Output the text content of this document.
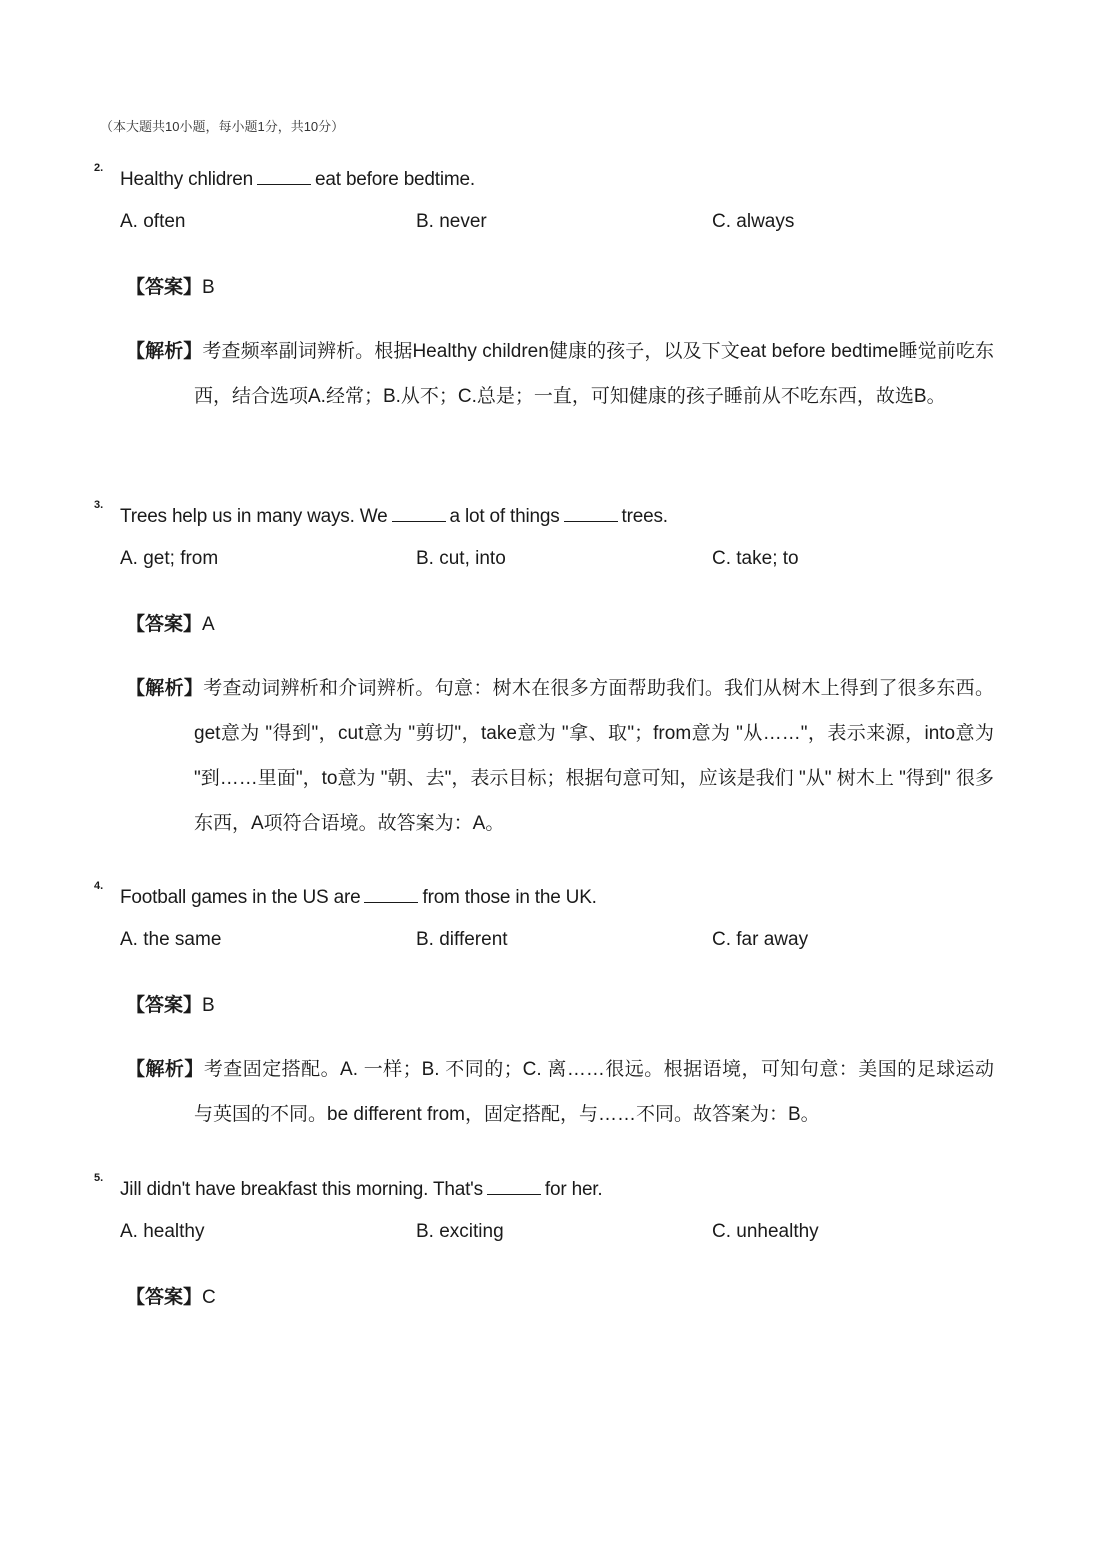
（本大题共10小题，每小题1分，共10分）
2.
Healthy chlidren	eat before bedtime.
A. often	B. never	C. always
【答案】B
【解析】考查频率副词辨析。根据Healthy children健康的孩子，以及下文eat before bedtime睡觉前吃东西，结合选项A.经常；B.从不；C.总是；一直，可知健康的孩子睡前从不吃东西，故选B。
3.
Trees help us in many ways. We	a lot of things	trees.
A. get; from	B. cut, into	C. take; to
【答案】A
【解析】考查动词辨析和介词辨析。句意：树木在很多方面帮助我们。我们从树木上得到了很多东西。get意为 "得到"，cut意为 "剪切"，take意为 "拿、取"；from意为 "从……"，表示来源，into意为 "到……里面"，to意为 "朝、去"，表示目标；根据句意可知，应该是我们 "从" 树木上 "得到" 很多东西，A项符合语境。故答案为：A。
4.
Football games in the US are	from those in the UK.
A. the same	B. different	C. far away
【答案】B
【解析】考查固定搭配。A. 一样；B. 不同的；C. 离……很远。根据语境，可知句意：美国的足球运动与英国的不同。be different from，固定搭配，与……不同。故答案为：B。
5.
Jill didn't have breakfast this morning. That's	for her.
A. healthy	B. exciting	C. unhealthy
【答案】C
